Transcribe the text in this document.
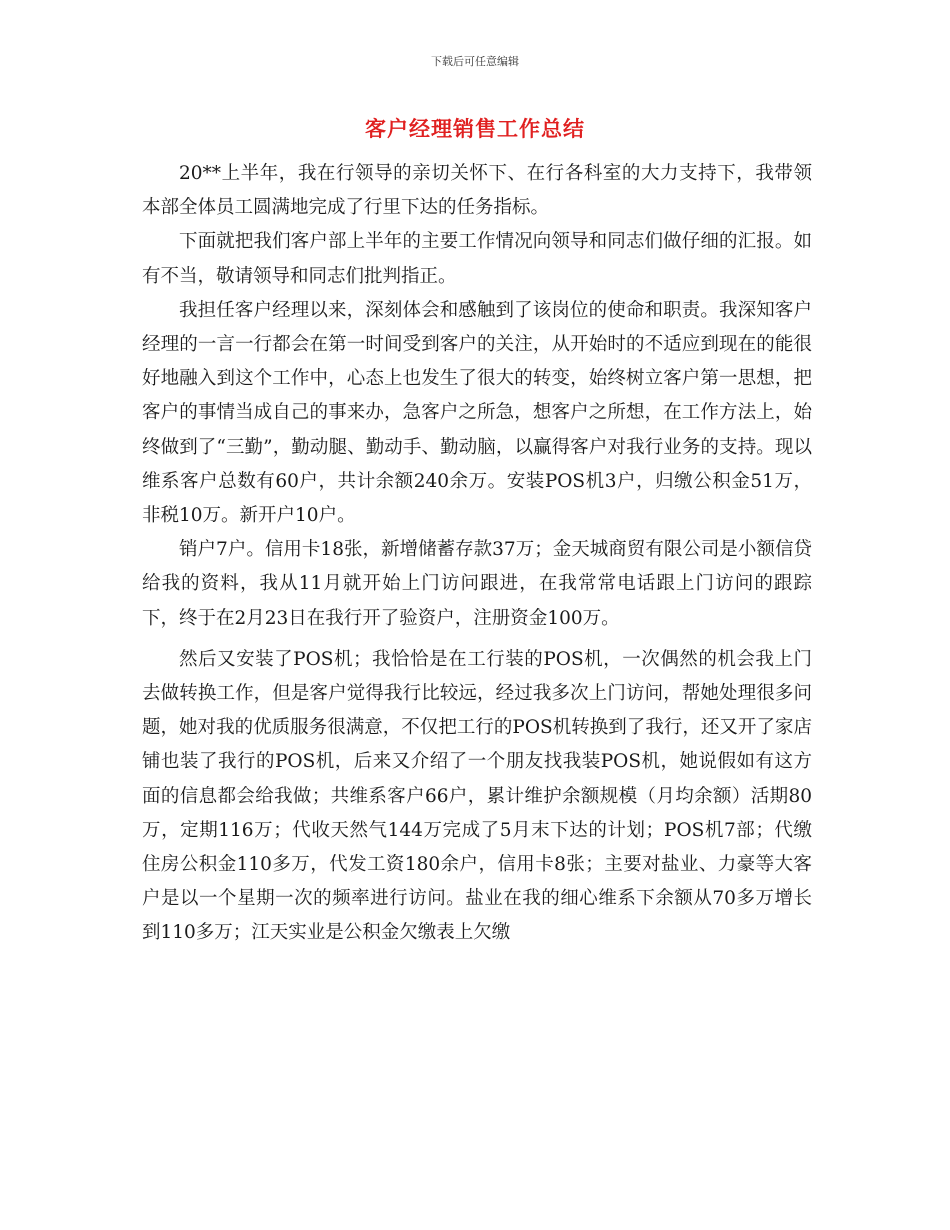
下载后可任意编辑
客户经理销售工作总结

20**上半年，我在行领导的亲切关怀下、在行各科室的大力支持下，我带领本部全体员工圆满地完成了行里下达的任务指标。

下面就把我们客户部上半年的主要工作情况向领导和同志们做仔细的汇报。如有不当，敬请领导和同志们批判指正。

我担任客户经理以来，深刻体会和感触到了该岗位的使命和职责。我深知客户经理的一言一行都会在第一时间受到客户的关注，从开始时的不适应到现在的能很好地融入到这个工作中，心态上也发生了很大的转变，始终树立客户第一思想，把客户的事情当成自己的事来办，急客户之所急，想客户之所想，在工作方法上，始终做到了“三勤”，勤动腿、勤动手、勤动脑，以赢得客户对我行业务的支持。现以维系客户总数有60户，共计余额240余万。安装POS机3户，归缴公积金51万，非税10万。新开户10户。

销户7户。信用卡18张，新增储蓄存款37万；金天城商贸有限公司是小额信贷给我的资料，我从11月就开始上门访问跟进，在我常常电话跟上门访问的跟踪下，终于在2月23日在我行开了验资户，注册资金100万。

然后又安装了POS机；我恰恰是在工行装的POS机，一次偶然的机会我上门去做转换工作，但是客户觉得我行比较远，经过我多次上门访问，帮她处理很多问题，她对我的优质服务很满意，不仅把工行的POS机转换到了我行，还又开了家店铺也装了我行的POS机，后来又介绍了一个朋友找我装POS机，她说假如有这方面的信息都会给我做；共维系客户66户，累计维护余额规模（月均余额）活期80万，定期116万；代收天然气144万完成了5月末下达的计划；POS机7部；代缴住房公积金110多万，代发工资180余户，信用卡8张；主要对盐业、力豪等大客户是以一个星期一次的频率进行访问。盐业在我的细心维系下余额从70多万增长到110多万；江天实业是公积金欠缴表上欠缴
